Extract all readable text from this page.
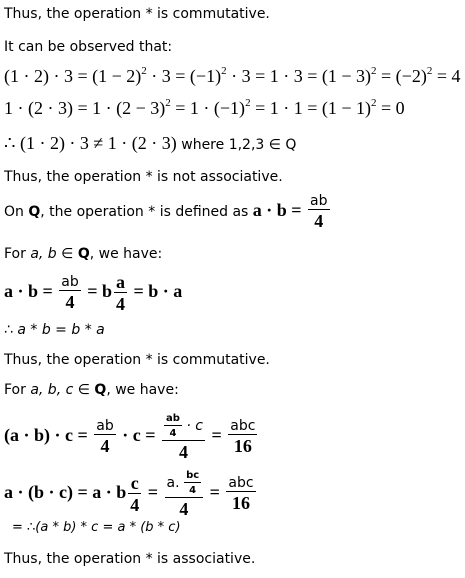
Thus, the operation * is commutative.
It can be observed that:
$(1 \cdot 2) \cdot 3 = (1 - 2)^2 \cdot 3 = (-1)^2 \cdot 3 = 1 \cdot 3 = (1 - 3)^2 = (-2)^2 = 4$
$1 \cdot (2 \cdot 3) = 1 \cdot (2 - 3)^2 = 1 \cdot (-1)^2 = 1 \cdot 1 = (1 - 1)^2 = 0$
∴ (1 · 2) · 3 ≠ 1 · (2 · 3) where 1,2,3 ∈ Q
Thus, the operation * is not associative.
On Q, the operation * is defined as $a \cdot b = \frac{ab}{4}$
For a, b ∈ Q, we have:
$a \cdot b = \frac{ab}{4} = b \frac{a}{4} = b \cdot a$
∴ a * b = b * a
Thus, the operation * is commutative.
For a, b, c ∈ Q, we have:
$(a \cdot b) \cdot c = \frac{ab}{4} \cdot c = \frac{\frac{ab}{4} \cdot c}{4} = \frac{\text{abc}}{16}$
a · (b · c) = a · b $\frac{c}{4} = \frac{a. \frac{bc}{4}}{4} = \frac{\text{abc}}{16}$
= ∴(a * b) * c = a * (b * c)
Thus, the operation * is associative.
